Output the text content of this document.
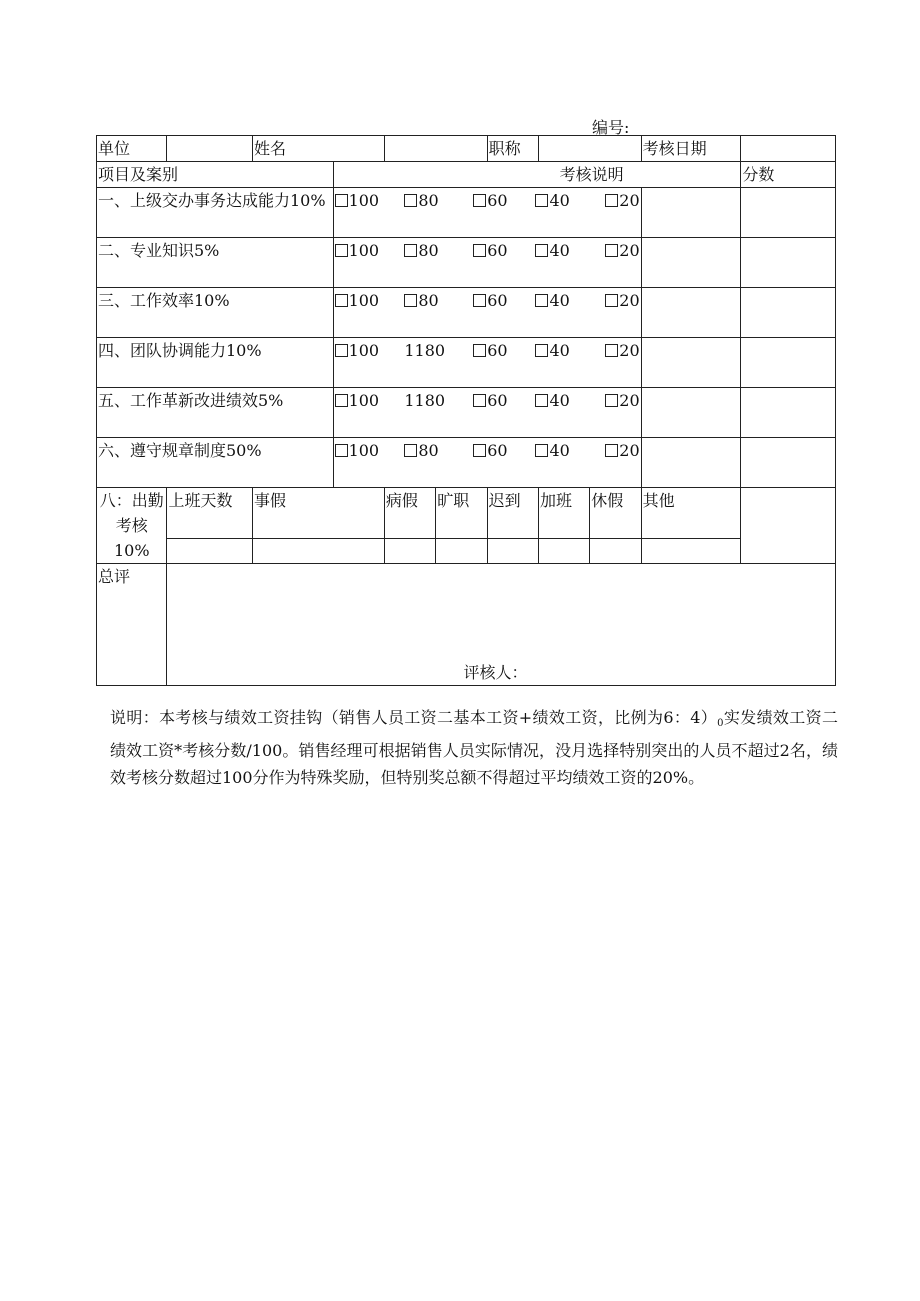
编号:
单位		姓名				职称			考核日期	
项目及案别			考核说明							分数
一、上级交办事务达成能力10%			100 80 60 40 20							

二、专业知识5%			100 80 60 40 20							

三、工作效率10%			100 80 60 40 20							

四、团队协调能力10%			100 1180 60 40 20							

五、工作革新改进绩效5%			100 1180 60 40 20							

六、遵守规章制度50%			100 80 60 40 20							

八：出勤考核10%	上班天数	事假		病假	旷职	迟到	加班	休假	其他	

总评	评核人：									
说明：本考核与绩效工资挂钩（销售人员工资二基本工资+绩效工资，比例为6：$4)_0$实发绩效工资二绩效工资*考核分数/100。销售经理可根据销售人员实际情况，没月选择特别突出的人员不超过2名，绩效考核分数超过100分作为特殊奖励，但特别奖总额不得超过平均绩效工资的20%。
